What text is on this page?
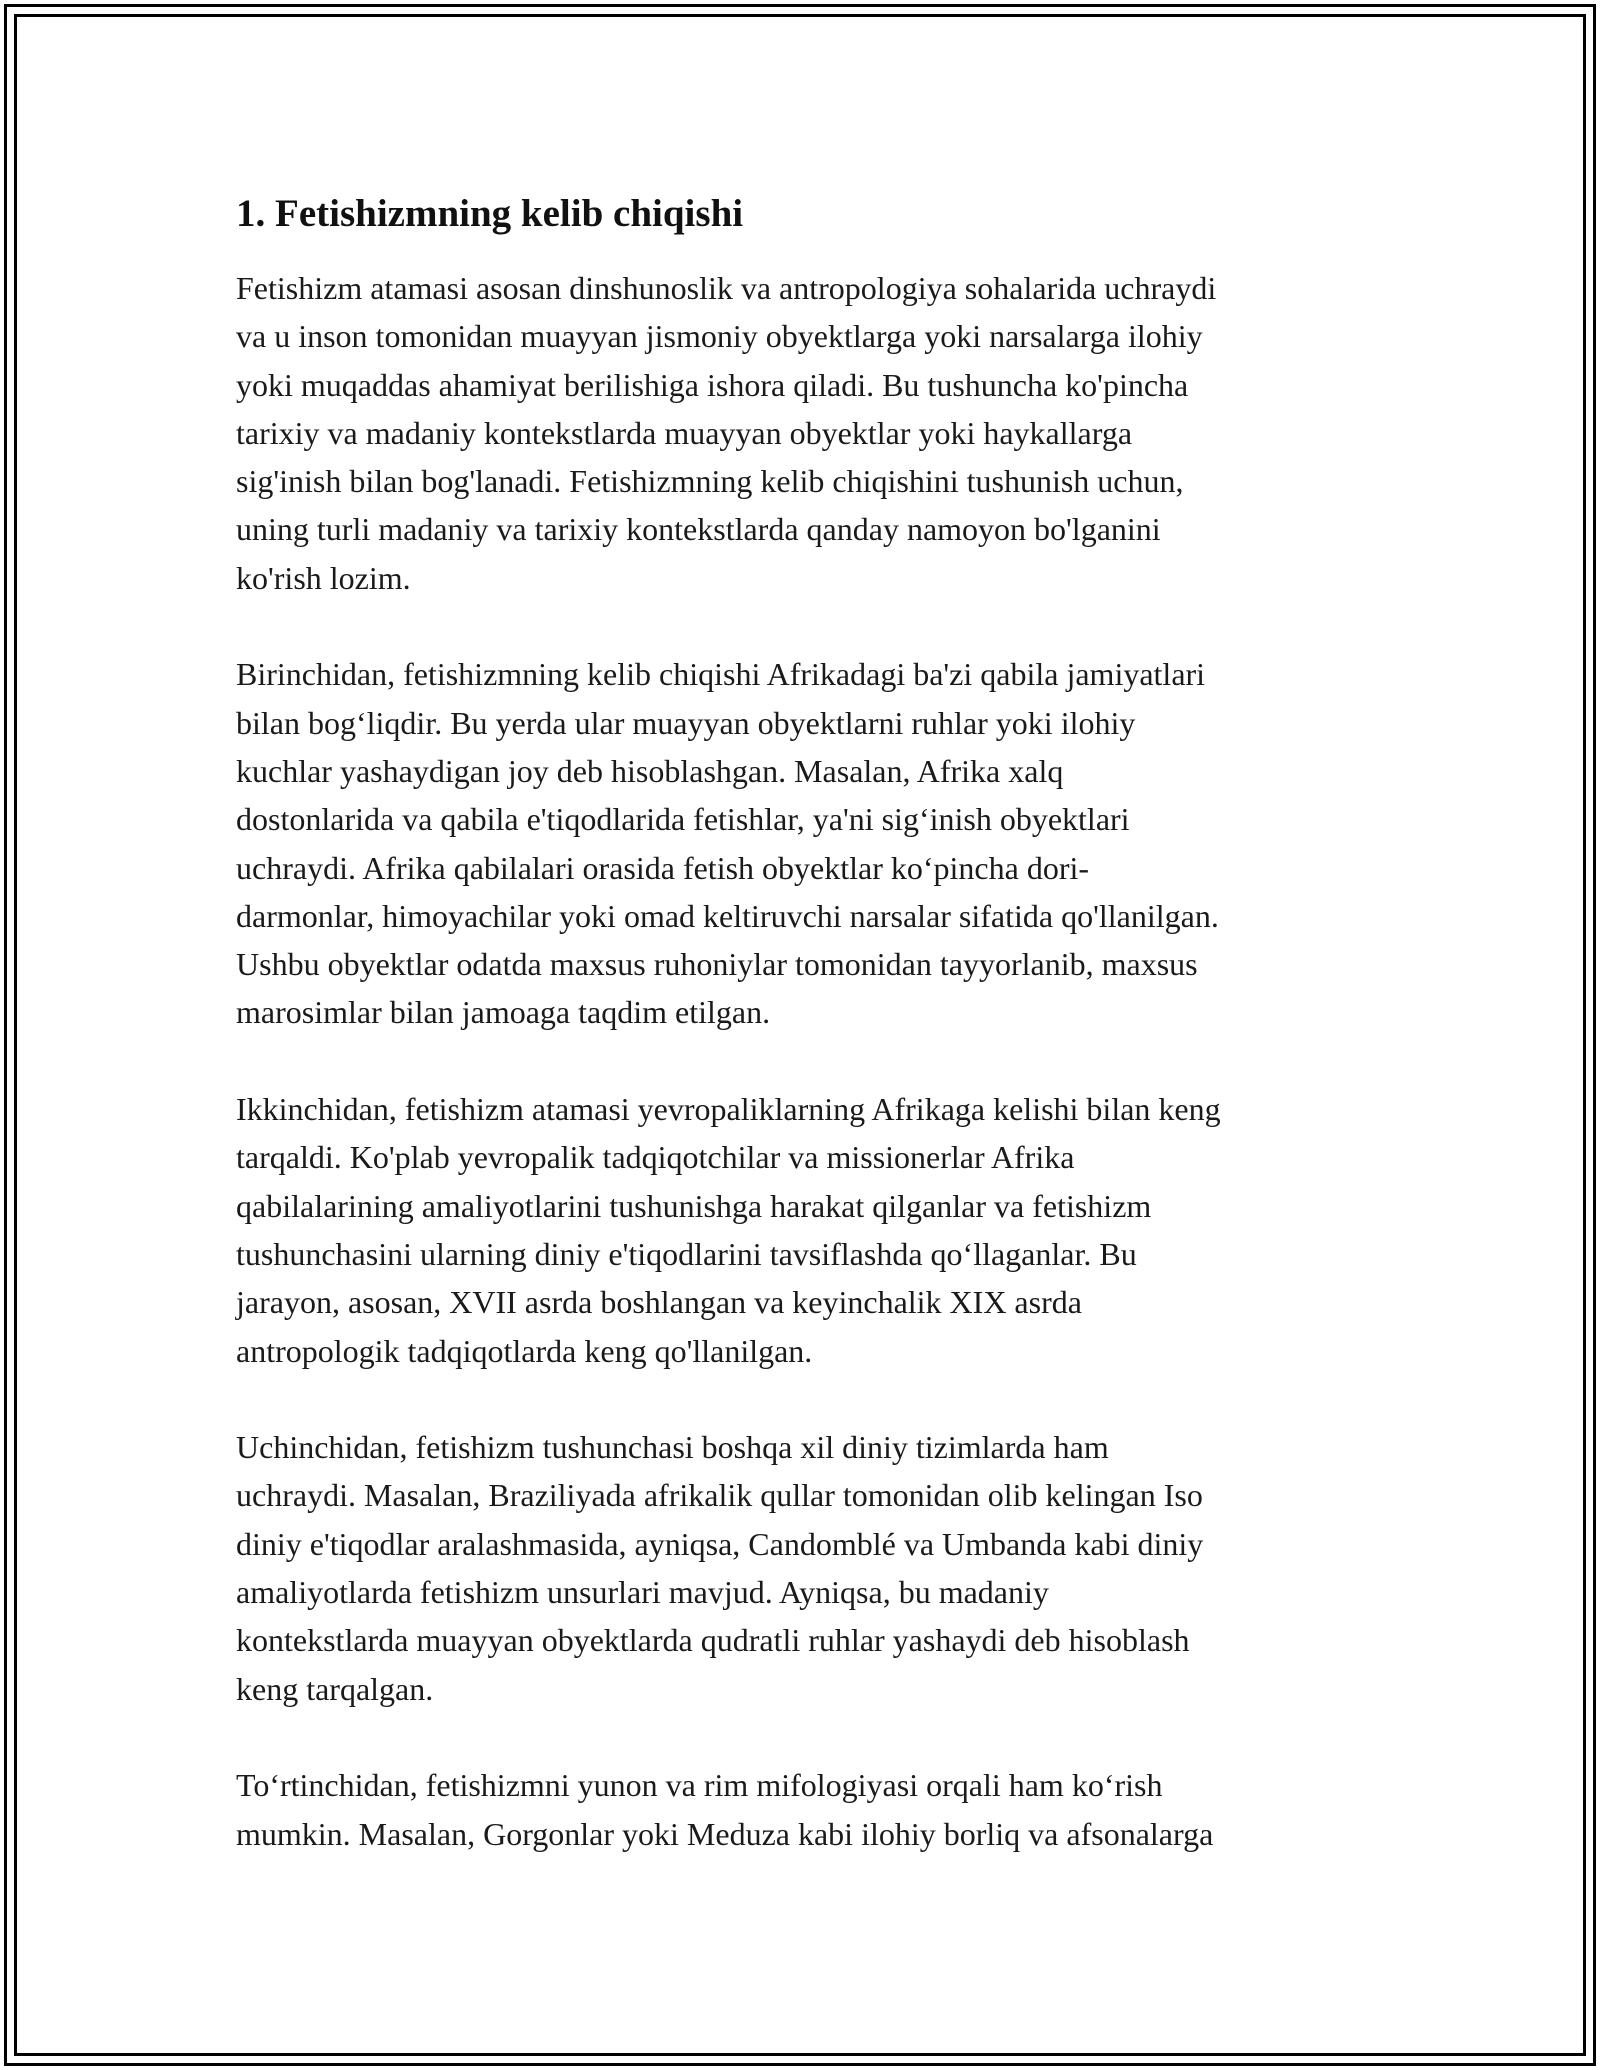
1. Fetishizmning kelib chiqishi

Fetishizm atamasi asosan dinshunoslik va antropologiya sohalarida uchraydi
va u inson tomonidan muayyan jismoniy obyektlarga yoki narsalarga ilohiy
yoki muqaddas ahamiyat berilishiga ishora qiladi. Bu tushuncha ko'pincha
tarixiy va madaniy kontekstlarda muayyan obyektlar yoki haykallarga
sig'inish bilan bog'lanadi. Fetishizmning kelib chiqishini tushunish uchun,
uning turli madaniy va tarixiy kontekstlarda qanday namoyon bo'lganini
ko'rish lozim.

Birinchidan, fetishizmning kelib chiqishi Afrikadagi ba'zi qabila jamiyatlari
bilan bog‘liqdir. Bu yerda ular muayyan obyektlarni ruhlar yoki ilohiy
kuchlar yashaydigan joy deb hisoblashgan. Masalan, Afrika xalq
dostonlarida va qabila e'tiqodlarida fetishlar, ya'ni sig‘inish obyektlari
uchraydi. Afrika qabilalari orasida fetish obyektlar ko‘pincha dori-
darmonlar, himoyachilar yoki omad keltiruvchi narsalar sifatida qo'llanilgan.
Ushbu obyektlar odatda maxsus ruhoniylar tomonidan tayyorlanib, maxsus
marosimlar bilan jamoaga taqdim etilgan.

Ikkinchidan, fetishizm atamasi yevropaliklarning Afrikaga kelishi bilan keng
tarqaldi. Ko'plab yevropalik tadqiqotchilar va missionerlar Afrika
qabilalarining amaliyotlarini tushunishga harakat qilganlar va fetishizm
tushunchasini ularning diniy e'tiqodlarini tavsiflashda qo‘llaganlar. Bu
jarayon, asosan, XVII asrda boshlangan va keyinchalik XIX asrda
antropologik tadqiqotlarda keng qo'llanilgan.

Uchinchidan, fetishizm tushunchasi boshqa xil diniy tizimlarda ham
uchraydi. Masalan, Braziliyada afrikalik qullar tomonidan olib kelingan Iso
diniy e'tiqodlar aralashmasida, ayniqsa, Candomblé va Umbanda kabi diniy
amaliyotlarda fetishizm unsurlari mavjud. Ayniqsa, bu madaniy
kontekstlarda muayyan obyektlarda qudratli ruhlar yashaydi deb hisoblash
keng tarqalgan.

To‘rtinchidan, fetishizmni yunon va rim mifologiyasi orqali ham ko‘rish
mumkin. Masalan, Gorgonlar yoki Meduza kabi ilohiy borliq va afsonalarga
